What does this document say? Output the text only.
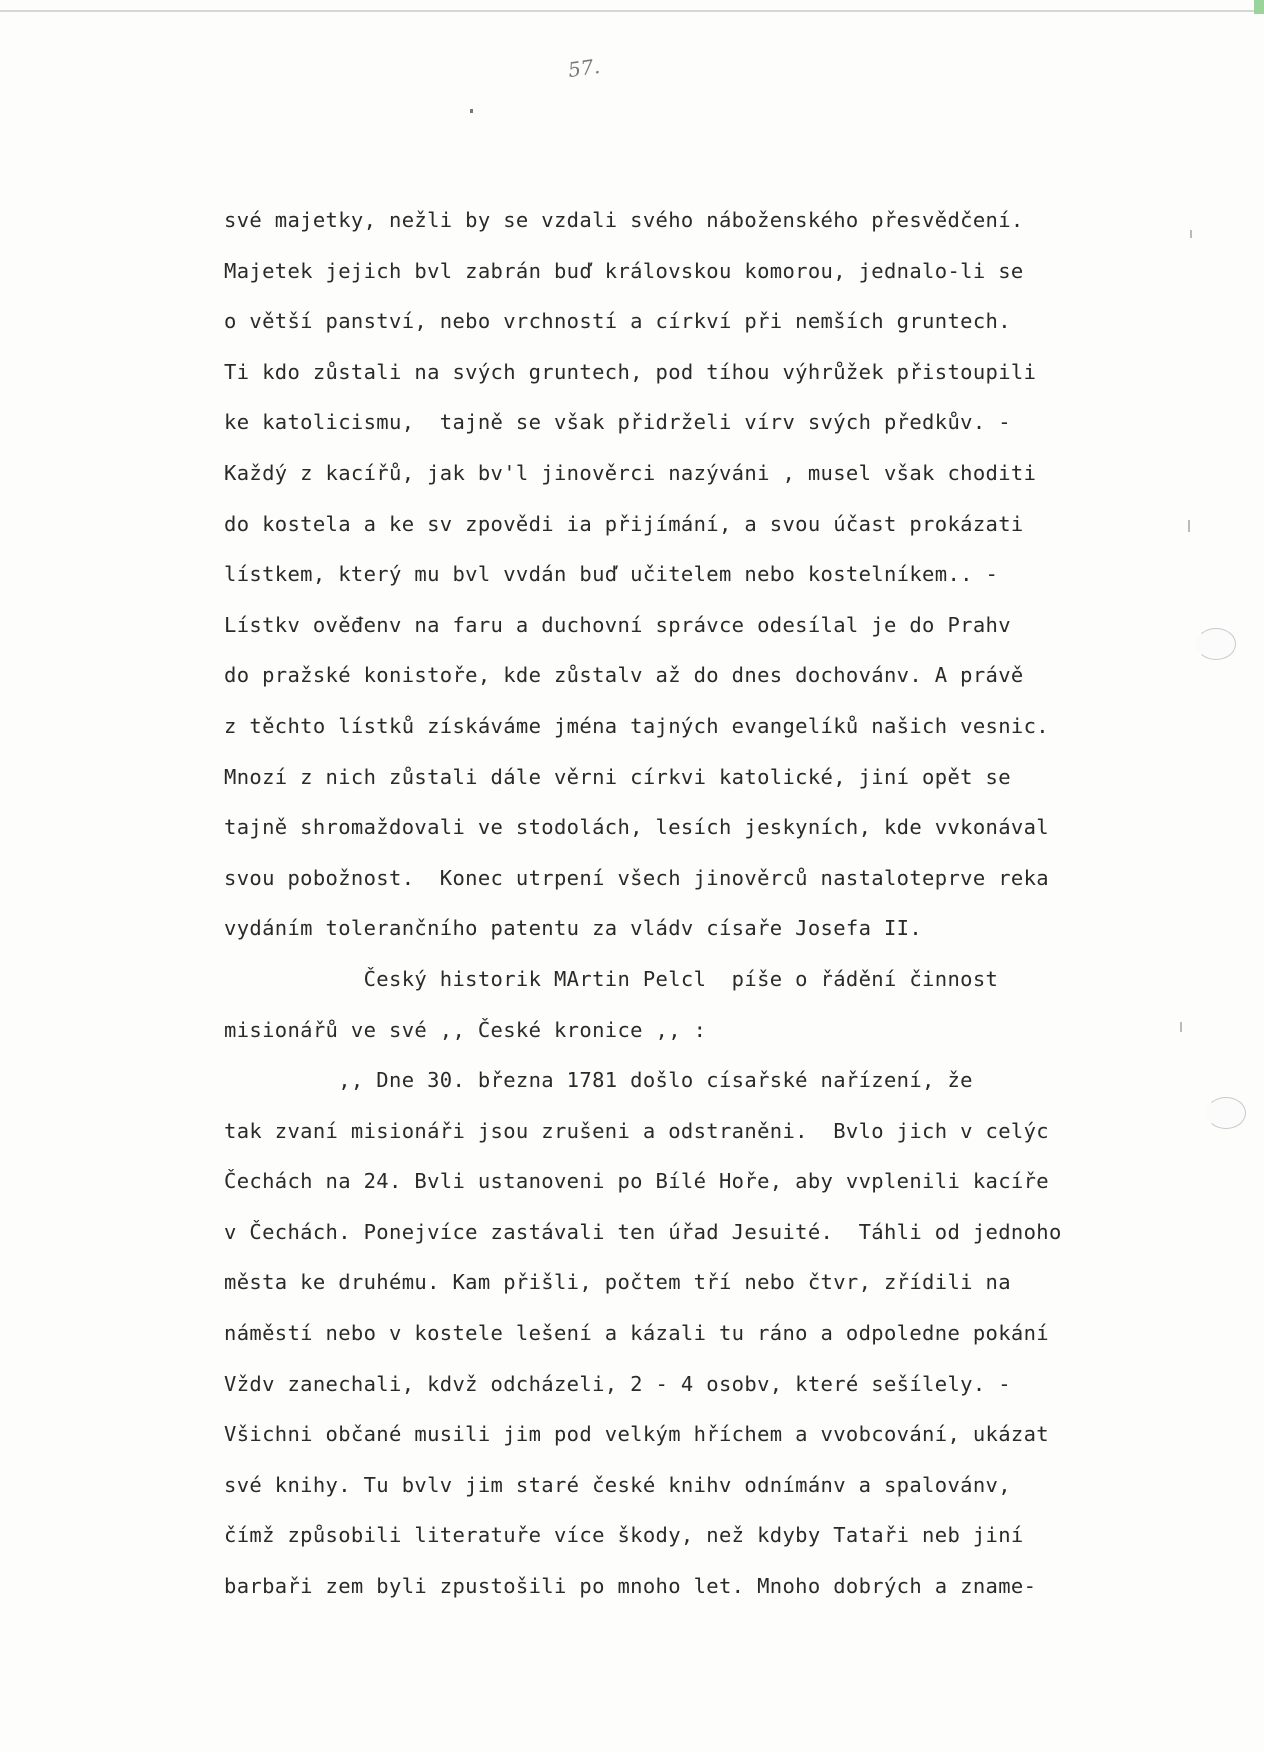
57.
své majetky, nežli by se vzdali svého náboženského přesvědčení.
Majetek jejich bvl zabrán buď královskou komorou, jednalo-li se
o větší panství, nebo vrchností a církví při nemších gruntech.
Ti kdo zůstali na svých gruntech, pod tíhou výhrůžek přistoupili
ke katolicismu,  tajně se však přidrželi vírv svých předkův. -
Každý z kacířů, jak bv'l jinověrci nazýváni , musel však choditi
do kostela a ke sv zpovědi ia přijímání, a svou účast prokázati
lístkem, který mu bvl vvdán buď učitelem nebo kostelníkem.. -
Lístkv ověđenv na faru a duchovní správce odesílal je do Prahv
do pražské konistoře, kde zůstalv až do dnes dochovánv. A právě
z těchto lístků získáváme jména tajných evangelíků našich vesnic.
Mnozí z nich zůstali dále věrni církvi katolické, jiní opět se
tajně shromaždovali ve stodolách, lesích jeskyních, kde vvkonával
svou pobožnost.  Konec utrpení všech jinověrců nastaloteprve reka
vydáním tolerančního patentu za vládv císaře Josefa II.
Český historik MArtin Pelcl  píše o řádění činnost
misionářů ve své ,, České kronice ,, :
,, Dne 30. března 1781 došlo císařské nařízení, že
tak zvaní misionáři jsou zrušeni a odstraněni.  Bvlo jich v celýc
Čechách na 24. Bvli ustanoveni po Bílé Hoře, aby vvplenili kacíře
v Čechách. Ponejvíce zastávali ten úřad Jesuité.  Táhli od jednoho
města ke druhému. Kam přišli, počtem tří nebo čtvr, zřídili na
náměstí nebo v kostele lešení a kázali tu ráno a odpoledne pokání
Vždv zanechali, kdvž odcházeli, 2 - 4 osobv, které sešílely. -
Všichni občané musili jim pod velkým hříchem a vvobcování, ukázat
své knihy. Tu bvlv jim staré české knihv odnímánv a spalovánv,
čímž způsobili literatuře více škody, než kdyby Tataři neb jiní
barbaři zem byli zpustošili po mnoho let. Mnoho dobrých a zname-
